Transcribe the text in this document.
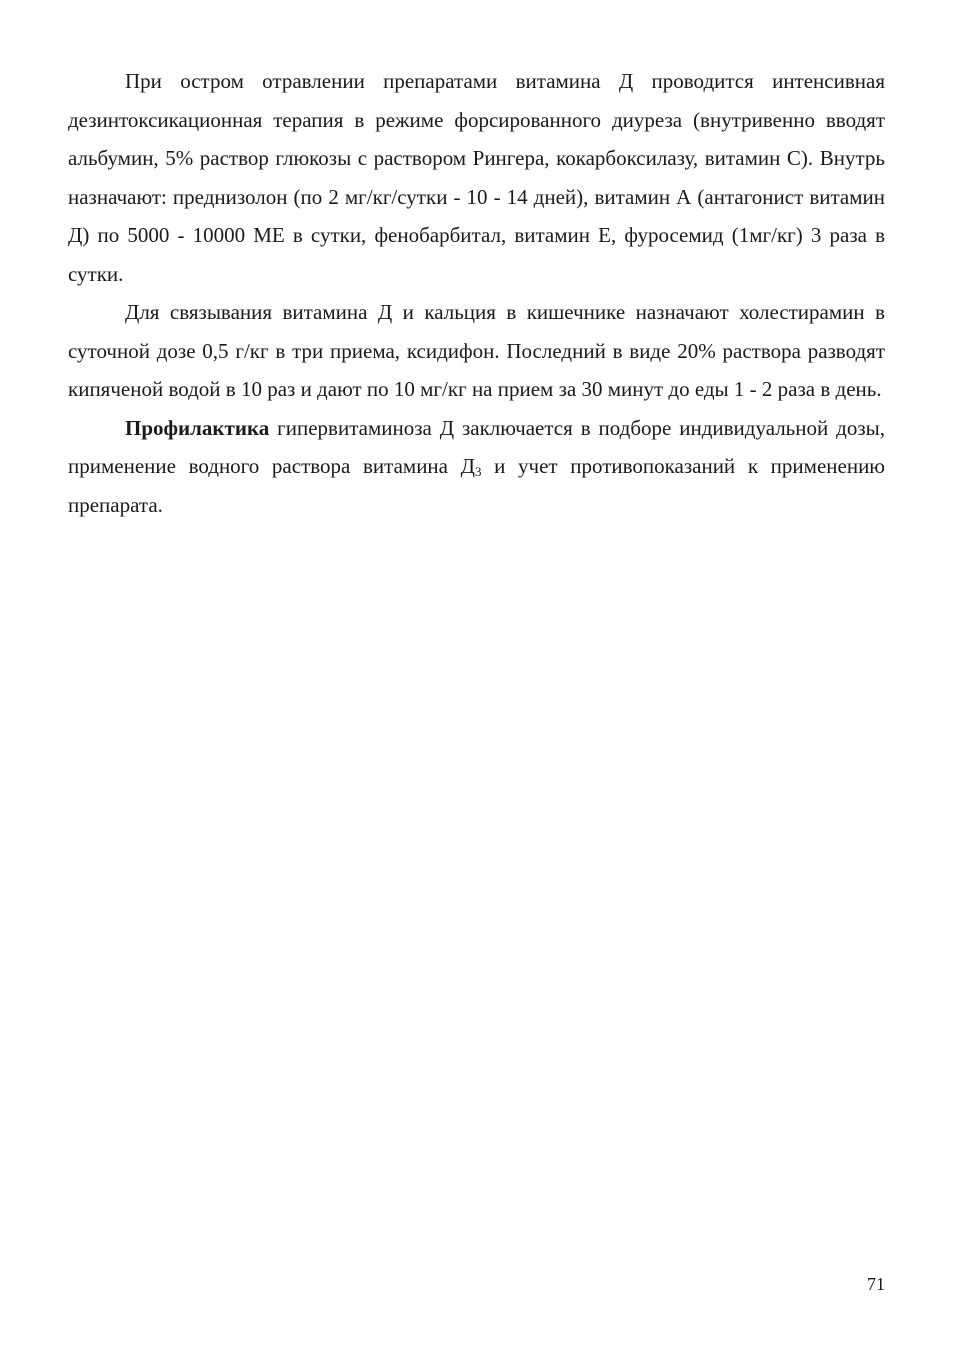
При остром отравлении препаратами витамина Д проводится интенсивная дезинтоксикационная терапия в режиме форсированного диуреза (внутривенно вводят альбумин, 5% раствор глюкозы с раствором Рингера, кокарбоксилазу, витамин С). Внутрь назначают: преднизолон (по 2 мг/кг/сутки - 10 - 14 дней), витамин А (антагонист витамин Д) по 5000 - 10000 МЕ в сутки, фенобарбитал, витамин Е, фуросемид (1мг/кг) 3 раза в сутки.

Для связывания витамина Д и кальция в кишечнике назначают холестирамин в суточной дозе 0,5 г/кг в три приема, ксидифон. Последний в виде 20% раствора разводят кипяченой водой в 10 раз и дают по 10 мг/кг на прием за 30 минут до еды 1 - 2 раза в день.

Профилактика гипервитаминоза Д заключается в подборе индивидуальной дозы, применение водного раствора витамина $Д_3$ и учет противопоказаний к применению препарата.

71
